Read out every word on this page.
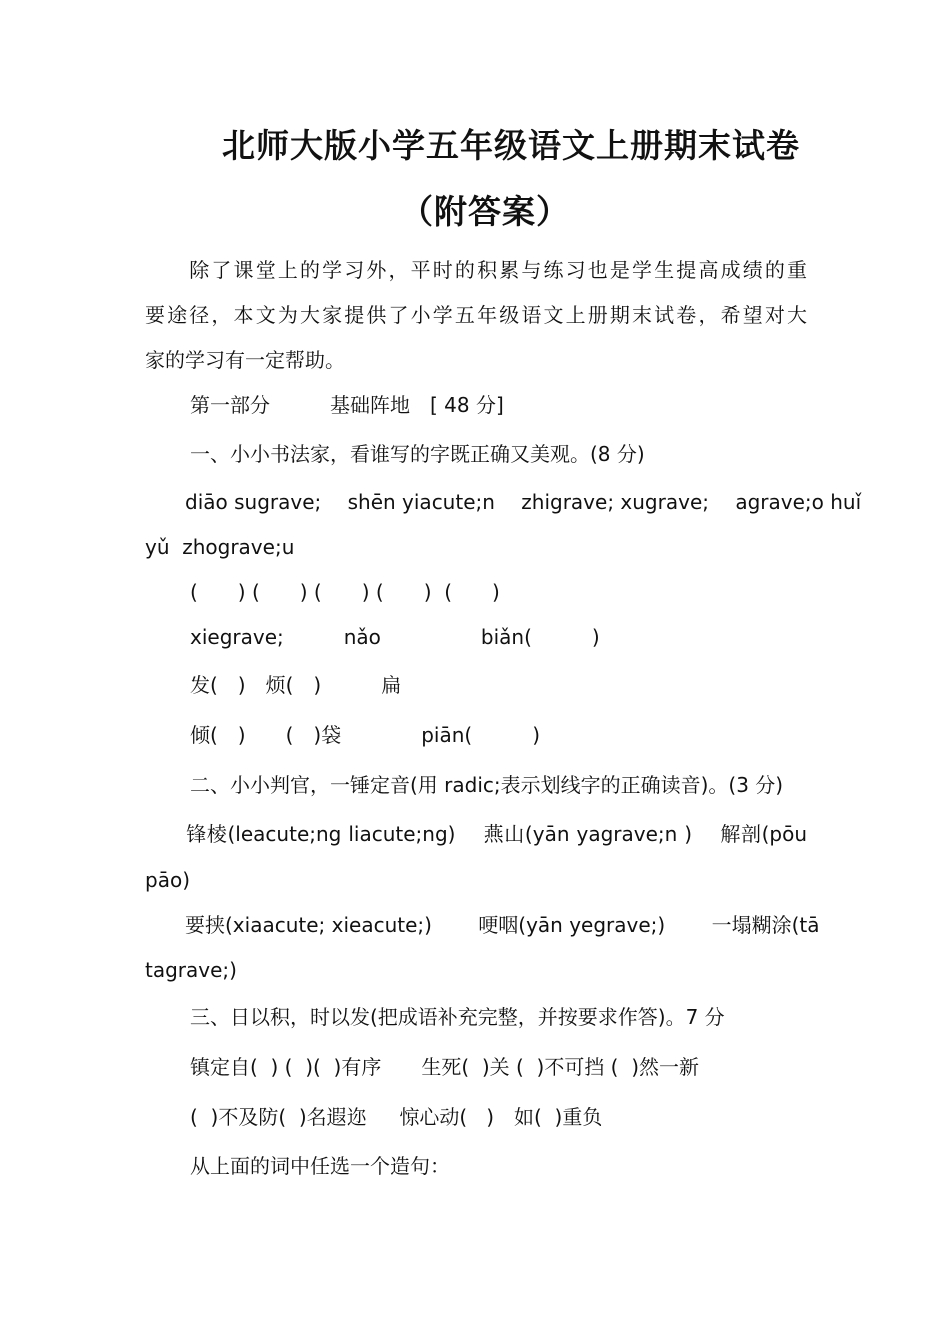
北师大版小学五年级语文上册期末试卷
（附答案）
　　除了课堂上的学习外，平时的积累与练习也是学生提高成绩的重
要途径，本文为大家提供了小学五年级语文上册期末试卷，希望对大
家的学习有一定帮助。
第一部分　　　基础阵地　[ 48 分]
一、小小书法家，看谁写的字既正确又美观。(8 分)
　　diāo sugrave;　 shēn yiacute;n　 zhigrave; xugrave;　 agrave;o huǐ
yǔ  zhograve;u
(　　) (　　) (　　) (　　)  (　　)
xiegrave;　　　nǎo　　　　　biǎn(　　　)
发(　)　烦(　)　　　扁
倾(　)　　(　)袋　　　　piān(　　　)
二、小小判官，一锤定音(用 radic;表示划线字的正确读音)。(3 分)
　　锋棱(leacute;ng liacute;ng)　 燕山(yān yagrave;n )　 解剖(pōu
pāo)
　　要挟(xiaacute; xieacute;)　　 哽咽(yān yegrave;)　　 一塌糊涂(tā
tagrave;)
三、日以积，时以发(把成语补充完整，并按要求作答)。7 分
镇定自(  ) (  )(  )有序　　生死(  )关 (  )不可挡 (  )然一新
(  )不及防(  )名遐迩　  惊心动(   )　如(  )重负
从上面的词中任选一个造句：
